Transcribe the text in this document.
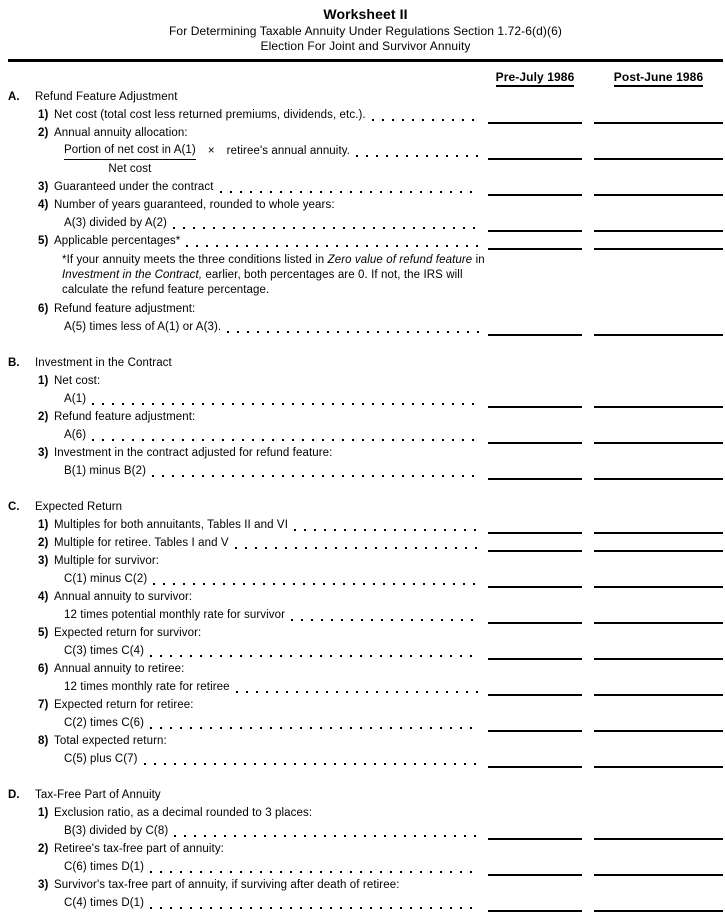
Worksheet II
For Determining Taxable Annuity Under Regulations Section 1.72-6(d)(6)
Election For Joint and Survivor Annuity
Pre-July 1986	Post-June 1986
A.	Refund Feature Adjustment
1) Net cost (total cost less returned premiums, dividends, etc.).
2) Annual annuity allocation:
$\frac{\text{Portion of net cost in A(1)}}{\text{Net cost}}$ × retiree's annual annuity.
3) Guaranteed under the contract
4) Number of years guaranteed, rounded to whole years:
A(3) divided by A(2)
5) Applicable percentages*
*If your annuity meets the three conditions listed in Zero value of refund feature in
Investment in the Contract, earlier, both percentages are 0. If not, the IRS will
calculate the refund feature percentage.
6) Refund feature adjustment:
A(5) times less of A(1) or A(3).
B.	Investment in the Contract
1) Net cost:
A(1)
2) Refund feature adjustment:
A(6)
3) Investment in the contract adjusted for refund feature:
B(1) minus B(2)
C.	Expected Return
1) Multiples for both annuitants, Tables II and VI
2) Multiple for retiree. Tables I and V
3) Multiple for survivor:
C(1) minus C(2)
4) Annual annuity to survivor:
12 times potential monthly rate for survivor
5) Expected return for survivor:
C(3) times C(4)
6) Annual annuity to retiree:
12 times monthly rate for retiree
7) Expected return for retiree:
C(2) times C(6)
8) Total expected return:
C(5) plus C(7)
D.	Tax-Free Part of Annuity
1) Exclusion ratio, as a decimal rounded to 3 places:
B(3) divided by C(8)
2) Retiree's tax-free part of annuity:
C(6) times D(1)
3) Survivor's tax-free part of annuity, if surviving after death of retiree:
C(4) times D(1)
